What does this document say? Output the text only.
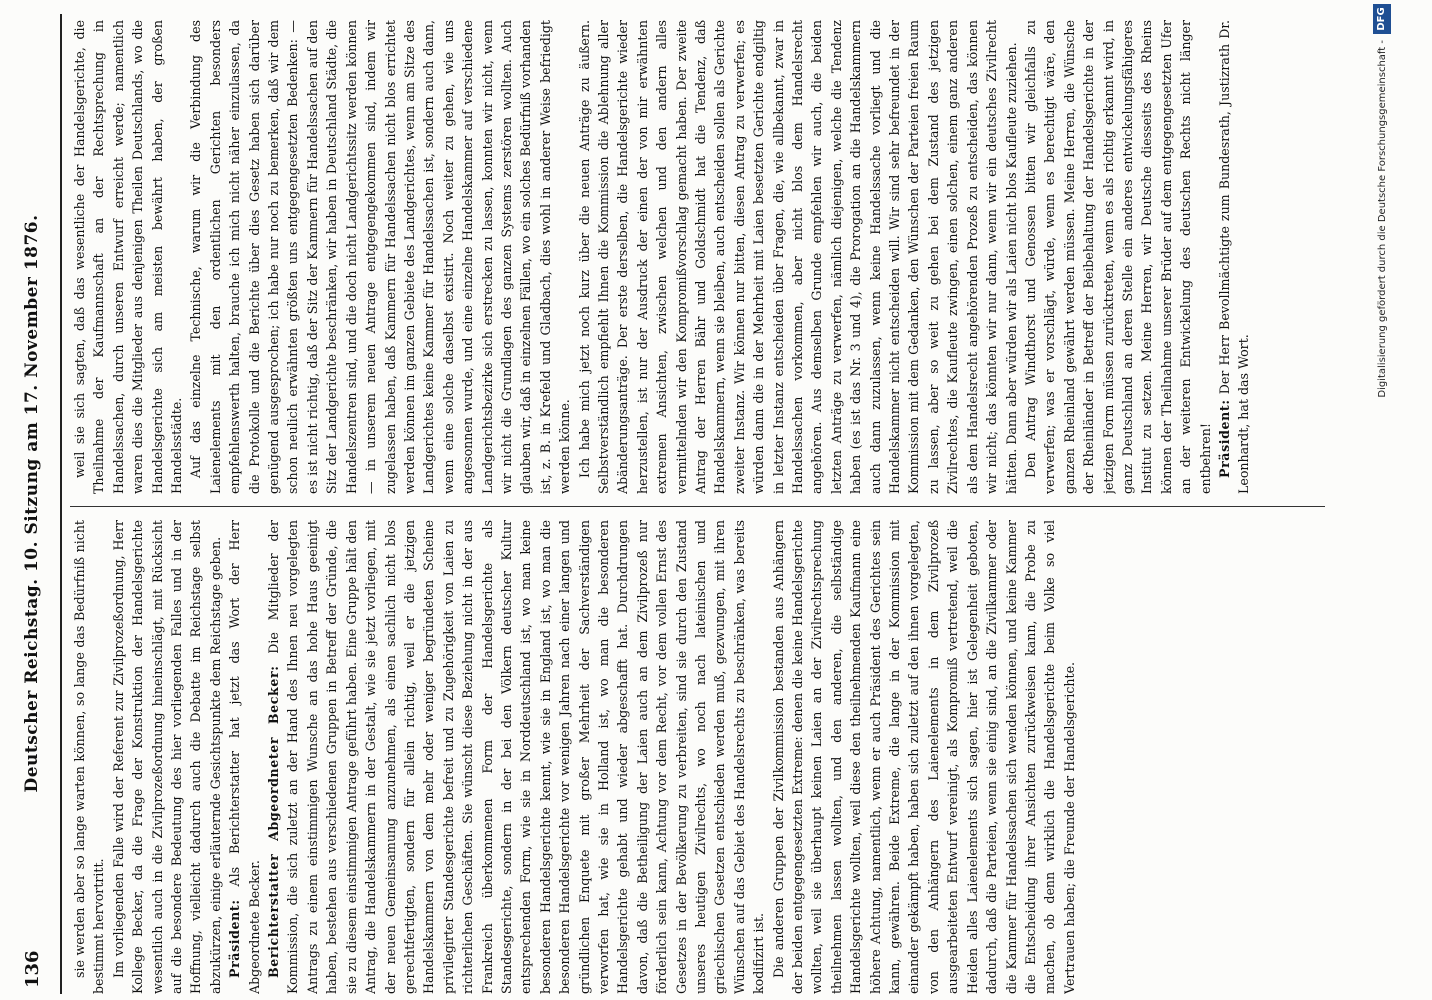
136
Deutscher Reichstag. 10. Sitzung am 17. November 1876. sie werden aber so lange warten können, so lange das Bedürfniß nicht bestimmt hervortritt. Im vorliegenden Falle wird der Referent zur Zivilprozeßordnung, Herr Kollege Becker, da die Frage der Konstruktion der Handelsgerichte wesentlich auch in die Zivilprozeßordnung hineinschlägt, mit Rücksicht auf die besondere Bedeutung des hier vorliegenden Falles und in der Hoffnung, vielleicht dadurch auch die Debatte im Reichstage selbst abzukürzen, einige erläuternde Gesichtspunkte dem Reichstage geben. Präsident: Als Berichterstatter hat jetzt das Wort der Herr Abgeordnete Becker. Berichterstatter Abgeordneter Becker: Die Mitglieder der Kommission, die sich zuletzt an der Hand des Ihnen neu vorgelegten Antrags zu einem einstimmigen Wunsche an das hohe Haus geeinigt haben, bestehen aus verschiedenen Gruppen in Betreff der Gründe, die sie zu diesem einstimmigen Antrage geführt haben. Eine Gruppe hält den Antrag, die Handelskammern in der Gestalt, wie sie jetzt vorliegen, mit der neuen Gemeinsamung anzunehmen, als einen sachlich nicht blos gerechtfertigten, sondern für allein richtig, weil er die jetzigen Handelskammern von dem mehr oder weniger begründeten Scheine privilegirter Standesgerichte befreit und zu Zugehörigkeit von Laien zu richterlichen Geschäften. Sie wünscht diese Beziehung nicht in der aus Frankreich überkommenen Form der Handelsgerichte als Standesgerichte, sondern in der bei den Völkern deutscher Kultur entsprechenden Form, wie sie in Norddeutschland ist, wo man keine besonderen Handelsgerichte kennt, wie sie in England ist, wo man die besonderen Handelsgerichte vor wenigen Jahren nach einer langen und gründlichen Enquete mit großer Mehrheit der Sachverständigen verworfen hat, wie sie in Holland ist, wo man die besonderen Handelsgerichte gehabt und wieder abgeschafft hat. Durchdrungen davon, daß die Betheiligung der Laien auch an dem Zivilprozeß nur förderlich sein kann, Achtung vor dem Recht, vor dem vollen Ernst des Gesetzes in der Bevölkerung zu verbreiten, sind sie durch den Zustand unseres heutigen Zivilrechts, wo noch nach lateinischen und griechischen Gesetzen entschieden werden muß, gezwungen, mit ihren Wünschen auf das Gebiet des Handelsrechts zu beschränken, was bereits kodifizirt ist. Die anderen Gruppen der Zivilkommission bestanden aus Anhängern der beiden entgegengesetzten Extreme: denen die keine Handelsgerichte wollten, weil sie überhaupt keinen Laien an der Zivilrechtsprechung theilnehmen lassen wollten, und den anderen, die selbständige Handelsgerichte wollten, weil diese den theilnehmenden Kaufmann eine höhere Achtung, namentlich, wenn er auch Präsident des Gerichtes sein kann, gewähren. Beide Extreme, die lange in der Kommission mit einander gekämpft haben, haben sich zuletzt auf den ihnen vorgelegten, von den Anhängern des Laienelements in dem Zivilprozeß ausgearbeiteten Entwurf vereinigt, als Kompromiß vertretend, weil die Heiden alles Laienelements sich sagen, hier ist Gelegenheit geboten, dadurch, daß die Parteien, wenn sie einig sind, an die Zivilkammer oder die Kammer für Handelssachen sich wenden können, und keine Kammer die Entscheidung ihrer Ansichten zurückweisen kann, die Probe zu machen, ob denn wirklich die Handelsgerichte beim Volke so viel Vertrauen haben; die Freunde der Handelsgerichte.

weil sie sich sagten, daß das wesentliche der Handelsgerichte, die Theilnahme der Kaufmannschaft an der Rechtsprechung in Handelssachen, durch unseren Entwurf erreicht werde; namentlich waren dies die Mitglieder aus denjenigen Theilen Deutschlands, wo die Handelsgerichte sich am meisten bewährt haben, der großen Handelsstädte. Auf das einzelne Technische, warum wir die Verbindung des Laienelements mit den ordentlichen Gerichten besonders empfehlenswerth halten, brauche ich mich nicht näher einzulassen, da die Protokolle und die Berichte über dies Gesetz haben sich darüber genügend ausgesprochen; ich habe nur noch zu bemerken, daß wir dem schon neulich erwähnten größten uns entgegengesetzten Bedenken: — es ist nicht richtig, daß der Sitz der Kammern für Handelssachen auf den Sitz der Landgerichte beschränken, wir haben in Deutschland Städte, die Handelszentren sind, und die doch nicht Landgerichtssitz werden können — in unserem neuen Antrage entgegengekommen sind, indem wir zugelassen haben, daß Kammern für Handelssachen nicht blos errichtet werden können im ganzen Gebiete des Landgerichtes, wenn am Sitze des Landgerichtes keine Kammer für Handelssachen ist, sondern auch dann, wenn eine solche daselbst existirt. Noch weiter zu gehen, wie uns angesonnen wurde, und eine einzelne Handelskammer auf verschiedene Landgerichtsbezirke sich erstrecken zu lassen, konnten wir nicht, wenn wir nicht die Grundlagen des ganzen Systems zerstören wollten. Auch glauben wir, daß in einzelnen Fällen, wo ein solches Bedürfniß vorhanden ist, z. B. in Krefeld und Gladbach, dies wohl in anderer Weise befriedigt werden könne. Ich habe mich jetzt noch kurz über die neuen Anträge zu äußern. Selbstverständlich empfiehlt Ihnen die Kommission die Ablehnung aller Abänderungsanträge. Der erste derselben, die Handelsgerichte wieder herzustellen, ist nur der Ausdruck der einen der von mir erwähnten extremen Ansichten, zwischen welchen und den andern alles vermittelnden wir den Kompromißvorschlag gemacht haben. Der zweite Antrag der Herren Bähr und Goldschmidt hat die Tendenz, daß Handelskammern, wenn sie bleiben, auch entscheiden sollen als Gerichte zweiter Instanz. Wir können nur bitten, diesen Antrag zu verwerfen; es würden dann die in der Mehrheit mit Laien besetzten Gerichte endgiltig in letzter Instanz entscheiden über Fragen, die, wie allbekannt, zwar in Handelssachen vorkommen, aber nicht blos dem Handelsrecht angehören. Aus demselben Grunde empfehlen wir auch, die beiden letzten Anträge zu verwerfen, nämlich diejenigen, welche die Tendenz haben (es ist das Nr. 3 und 4), die Prorogation an die Handelskammern auch dann zuzulassen, wenn keine Handelssache vorliegt und die Handelskammer nicht entscheiden will. Wir sind sehr befreundet in der Kommission mit dem Gedanken, den Wünschen der Parteien freien Raum zu lassen, aber so weit zu gehen bei dem Zustand des jetzigen Zivilrechtes, die Kaufleute zwingen, einen solchen, einem ganz anderen als dem Handelsrecht angehörenden Prozeß zu entscheiden, das können wir nicht; das könnten wir nur dann, wenn wir ein deutsches Zivilrecht hätten. Dann aber würden wir als Laien nicht blos Kaufleute zuziehen. Den Antrag Windthorst und Genossen bitten wir gleichfalls zu verwerfen; was er vorschlägt, würde, wenn es berechtigt wäre, den ganzen Rheinland gewährt werden müssen. Meine Herren, die Wünsche der Rheinländer in Betreff der Beibehaltung der Handelsgerichte in der jetzigen Form müssen zurücktreten, wenn es als richtig erkannt wird, in ganz Deutschland an deren Stelle ein anderes entwickelungsfähigeres Institut zu setzen. Meine Herren, wir Deutsche diesseits des Rheins können der Theilnahme unserer Brüder auf dem entgegengesetzten Ufer an der weiteren Entwickelung des deutschen Rechts nicht länger entbehren! Präsident: Der Herr Bevollmächtigte zum Bundesrath, Justizrath Dr. Leonhardt, hat das Wort.

Digitalisierung gefördert durch die Deutsche Forschungsgemeinschaft -
DFG
